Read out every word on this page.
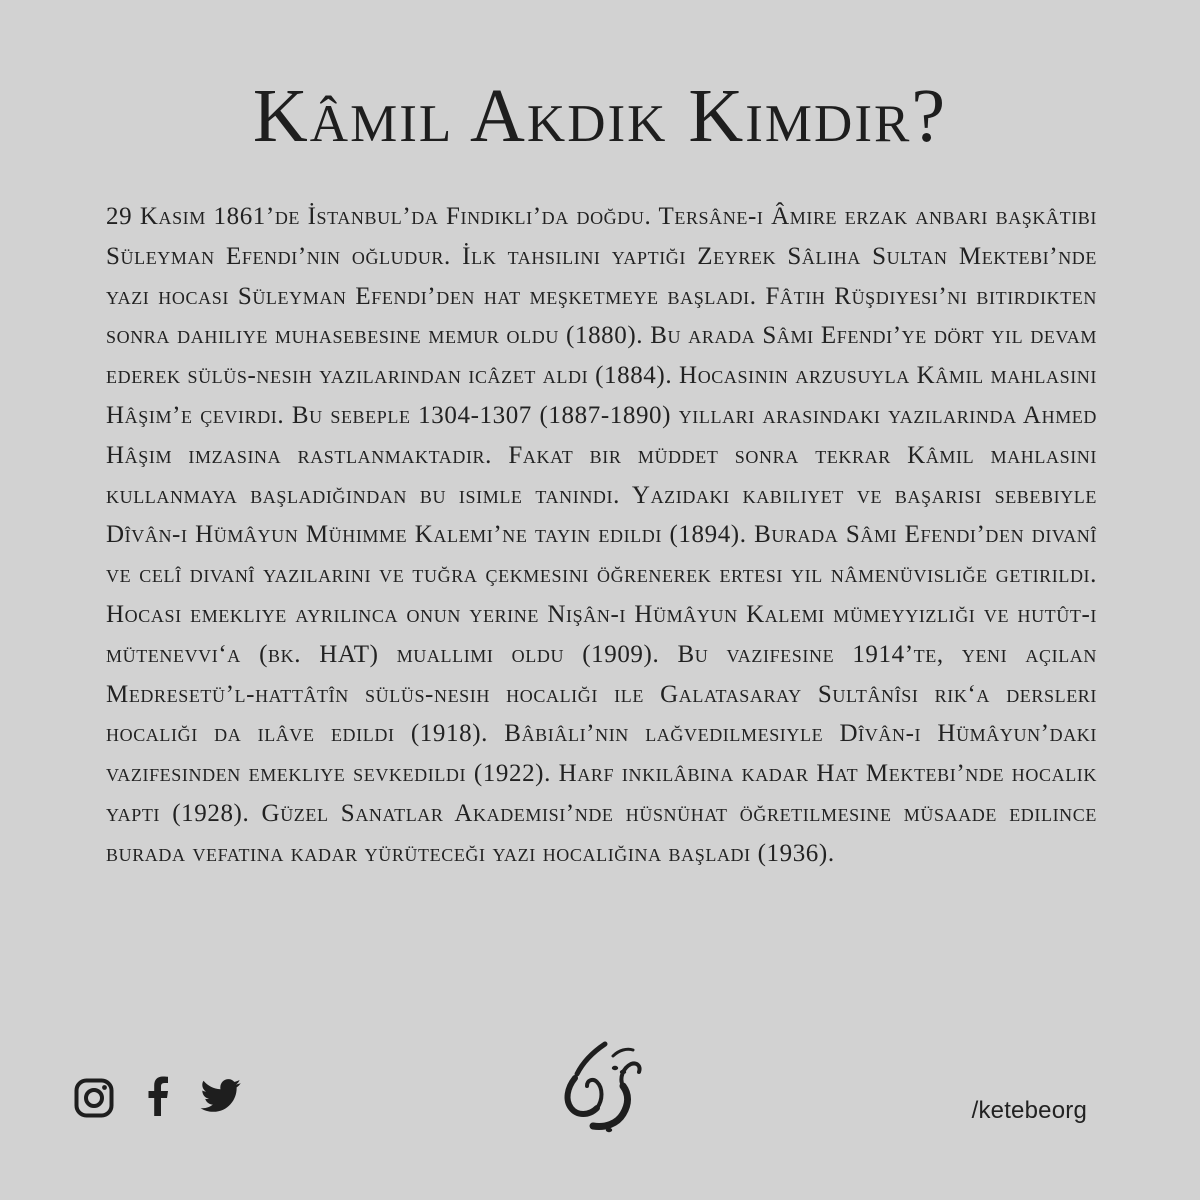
Kâmil Akdik Kimdir?

29 Kasım 1861’de İstanbul’da Fındıklı’da doğdu. Tersâne-i Âmire erzak anbarı başkâtibi Süleyman Efendi’nin oğludur. İlk tahsilini yaptığı Zeyrek Sâliha Sultan Mektebi’nde yazı hocası Süleyman Efendi’den hat meşketmeye başladı. Fâtih Rüşdiyesi’ni bitirdikten sonra dahiliye muhasebesine memur oldu (1880). Bu arada Sâmi Efendi’ye dört yıl devam ederek sülüs-nesih yazılarından icâzet aldı (1884). Hocasının arzusuyla Kâmil mahlasını Hâşim’e çevirdi. Bu sebeple 1304-1307 (1887-1890) yılları arasındaki yazılarında Ahmed Hâşim imzasına rastlanmaktadır. Fakat bir müddet sonra tekrar Kâmil mahlasını kullanmaya başladığından bu isimle tanındı. Yazıdaki kabiliyet ve başarısı sebebiyle Dîvân-ı Hümâyun Mühimme Kalemi’ne tayin edildi (1894). Burada Sâmi Efendi’den divanî ve celî divanî yazılarını ve tuğra çekmesini öğrenerek ertesi yıl nâmenüvisliğe getirildi. Hocası emekliye ayrılınca onun yerine Nişân-ı Hümâyun Kalemi mümeyyizliği ve hutût-ı mütenevvi‘a (bk. HAT) muallimi oldu (1909). Bu vazifesine 1914’te, yeni açılan Medresetü’l-hattâtîn sülüs-nesih hocalığı ile Galatasaray Sultânîsi rik‘a dersleri hocalığı da ilâve edildi (1918). Bâbıâli’nin lağvedilmesiyle Dîvân-ı Hümâyun’daki vazifesinden emekliye sevkedildi (1922). Harf inkılâbına kadar Hat Mektebi’nde hocalık yaptı (1928). Güzel Sanatlar Akademisi’nde hüsnühat öğretilmesine müsaade edilince burada vefatına kadar yürüteceği yazı hocalığına başladı (1936).

/ketebeorg
